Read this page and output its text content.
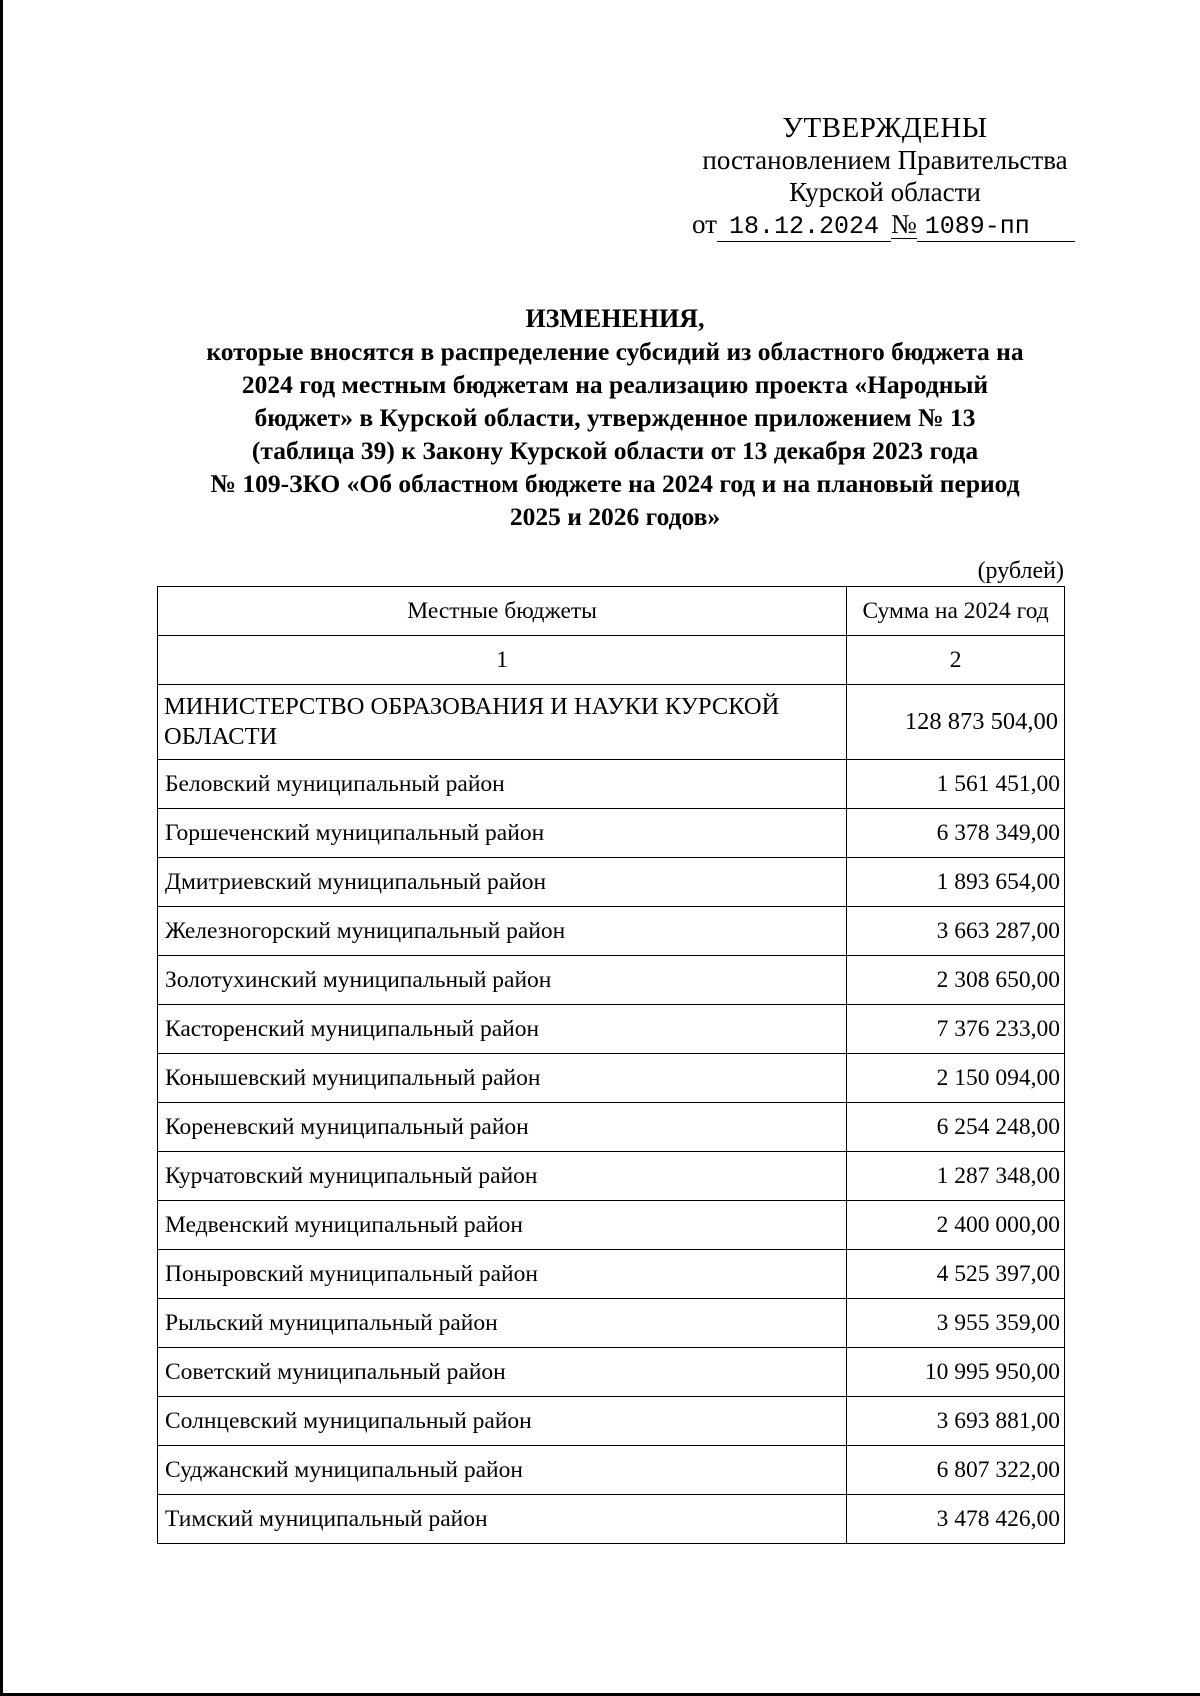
УТВЕРЖДЕНЫ
постановлением Правительства
Курской области
от 18.12.2024 № 1089-пп
ИЗМЕНЕНИЯ,
которые вносятся в распределение субсидий из областного бюджета на
2024 год местным бюджетам на реализацию проекта «Народный
бюджет» в Курской области, утвержденное приложением № 13
(таблица 39) к Закону Курской области от 13 декабря 2023 года
№ 109-ЗКО «Об областном бюджете на 2024 год и на плановый период
2025 и 2026 годов»
(рублей)
Местные бюджеты	Сумма на 2024 год
1	2
МИНИСТЕРСТВО ОБРАЗОВАНИЯ И НАУКИ КУРСКОЙ ОБЛАСТИ	128 873 504,00
Беловский муниципальный район	1 561 451,00
Горшеченский муниципальный район	6 378 349,00
Дмитриевский муниципальный район	1 893 654,00
Железногорский муниципальный район	3 663 287,00
Золотухинский муниципальный район	2 308 650,00
Касторенский муниципальный район	7 376 233,00
Конышевский муниципальный район	2 150 094,00
Кореневский муниципальный район	6 254 248,00
Курчатовский муниципальный район	1 287 348,00
Медвенский муниципальный район	2 400 000,00
Поныровский муниципальный район	4 525 397,00
Рыльский муниципальный район	3 955 359,00
Советский муниципальный район	10 995 950,00
Солнцевский муниципальный район	3 693 881,00
Суджанский муниципальный район	6 807 322,00
Тимский муниципальный район	3 478 426,00
